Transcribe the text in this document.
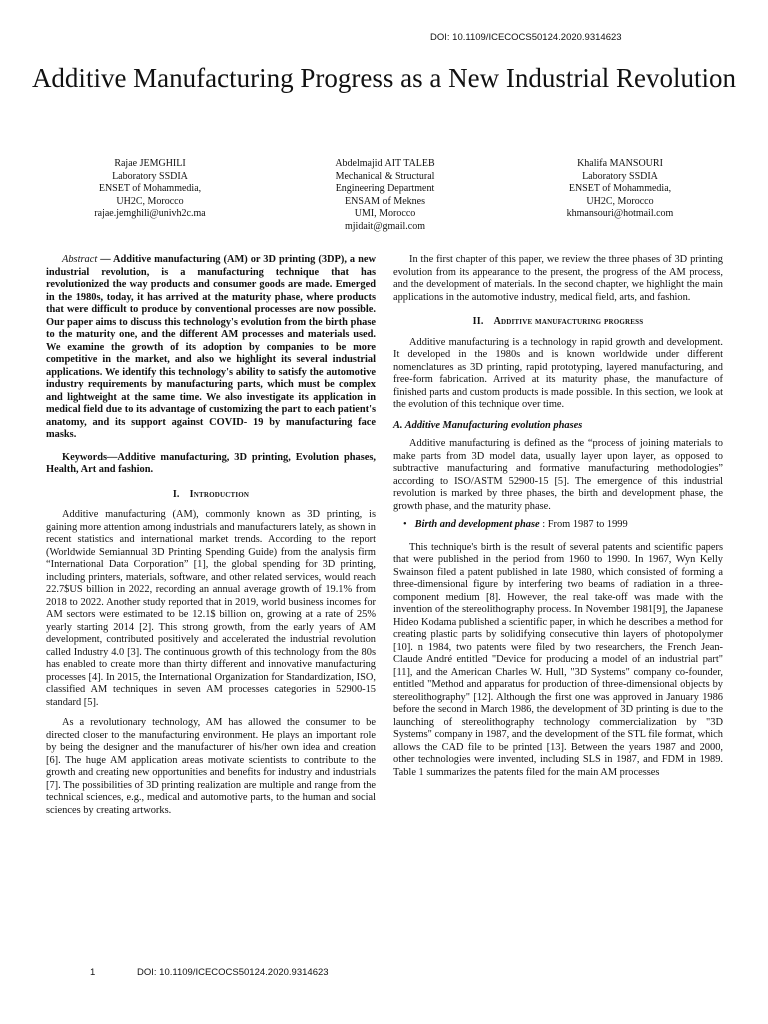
DOI: 10.1109/ICECOCS50124.2020.9314623
Additive Manufacturing Progress as a New Industrial Revolution
Rajae JEMGHILI
Laboratory SSDIA
ENSET of Mohammedia,
UH2C, Morocco
rajae.jemghili@univh2c.ma
Abdelmajid AIT TALEB
Mechanical & Structural
Engineering Department
ENSAM of Meknes
UMI, Morocco
mjidait@gmail.com
Khalifa MANSOURI
Laboratory SSDIA
ENSET of Mohammedia,
UH2C, Morocco
khmansouri@hotmail.com

Abstract — Additive manufacturing (AM) or 3D printing (3DP), a new industrial revolution, is a manufacturing technique that has revolutionized the way products and consumer goods are made. Emerged in the 1980s, today, it has arrived at the maturity phase, where products that were difficult to produce by conventional processes are now possible. Our paper aims to discuss this technology's evolution from the birth phase to the maturity one, and the different AM processes and materials used. We examine the growth of its adoption by companies to be more competitive in the market, and also we highlight its several industrial applications. We identify this technology's ability to satisfy the automotive industry requirements by manufacturing parts, which must be complex and lightweight at the same time. We also investigate its application in medical field due to its advantage of customizing the part to each patient's anatomy, and its support against COVID- 19 by manufacturing face masks.

Keywords—Additive manufacturing, 3D printing, Evolution phases, Health, Art and fashion.

I. Introduction

Additive manufacturing (AM), commonly known as 3D printing, is gaining more attention among industrials and manufacturers lately, as shown in recent statistics and international market trends. According to the report (Worldwide Semiannual 3D Printing Spending Guide) from the analysis firm “International Data Corporation” [1], the global spending for 3D printing, including printers, materials, software, and other related services, would reach 22.7$US billion in 2022, recording an annual average growth of 19.1% from 2018 to 2022. Another study reported that in 2019, world business incomes for AM sectors were estimated to be 12.1$ billion on, growing at a rate of 25% yearly starting 2014 [2]. This strong growth, from the early years of AM development, contributed positively and accelerated the industrial revolution called Industry 4.0 [3]. The continuous growth of this technology from the 80s has enabled to create more than thirty different and innovative manufacturing processes [4]. In 2015, the International Organization for Standardization, ISO, classified AM techniques in seven AM processes categories in 52900-15 standard [5].

As a revolutionary technology, AM has allowed the consumer to be directed closer to the manufacturing environment. He plays an important role by being the designer and the manufacturer of his/her own idea and creation [6]. The huge AM application areas motivate scientists to contribute to the growth and creating new opportunities and benefits for industry and industrials [7]. The possibilities of 3D printing realization are multiple and range from the technical sciences, e.g., medical and automotive parts, to the human and social sciences by creating artworks.

In the first chapter of this paper, we review the three phases of 3D printing evolution from its appearance to the present, the progress of the AM process, and the development of materials. In the second chapter, we highlight the main applications in the automotive industry, medical field, arts, and fashion.

II. Additive manufacturing progress

Additive manufacturing is a technology in rapid growth and development. It developed in the 1980s and is known worldwide under different nomenclatures as 3D printing, rapid prototyping, layered manufacturing, and free-form fabrication. Arrived at its maturity phase, the manufacture of finished parts and custom products is made possible. In this section, we look at the evolution of this technique over time.

A. Additive Manufacturing evolution phases

Additive manufacturing is defined as the “process of joining materials to make parts from 3D model data, usually layer upon layer, as opposed to subtractive manufacturing and formative manufacturing methodologies” according to ISO/ASTM 52900-15 [5]. The emergence of this industrial revolution is marked by three phases, the birth and development phase, the growth phase, and the maturity phase.

• Birth and development phase : From 1987 to 1999

This technique's birth is the result of several patents and scientific papers that were published in the period from 1960 to 1990. In 1967, Wyn Kelly Swainson filed a patent published in late 1980, which consisted of forming a three-dimensional figure by interfering two beams of radiation in a three-component medium [8]. However, the real take-off was made with the invention of the stereolithography process. In November 1981[9], the Japanese Hideo Kodama published a scientific paper, in which he describes a method for creating plastic parts by solidifying consecutive thin layers of photopolymer [10]. n 1984, two patents were filed by two researchers, the French Jean-Claude André entitled "Device for producing a model of an industrial part" [11], and the American Charles W. Hull, "3D Systems" company co-founder, entitled "Method and apparatus for production of three-dimensional objects by stereolithography" [12]. Although the first one was approved in January 1986 before the second in March 1986, the development of 3D printing is due to the launching of stereolithography technology commercialization by "3D Systems" company in 1987, and the development of the STL file format, which allows the CAD file to be printed [13]. Between the years 1987 and 2000, other technologies were invented, including SLS in 1987, and FDM in 1989. Table 1 summarizes the patents filed for the main AM processes

1	DOI: 10.1109/ICECOCS50124.2020.9314623
